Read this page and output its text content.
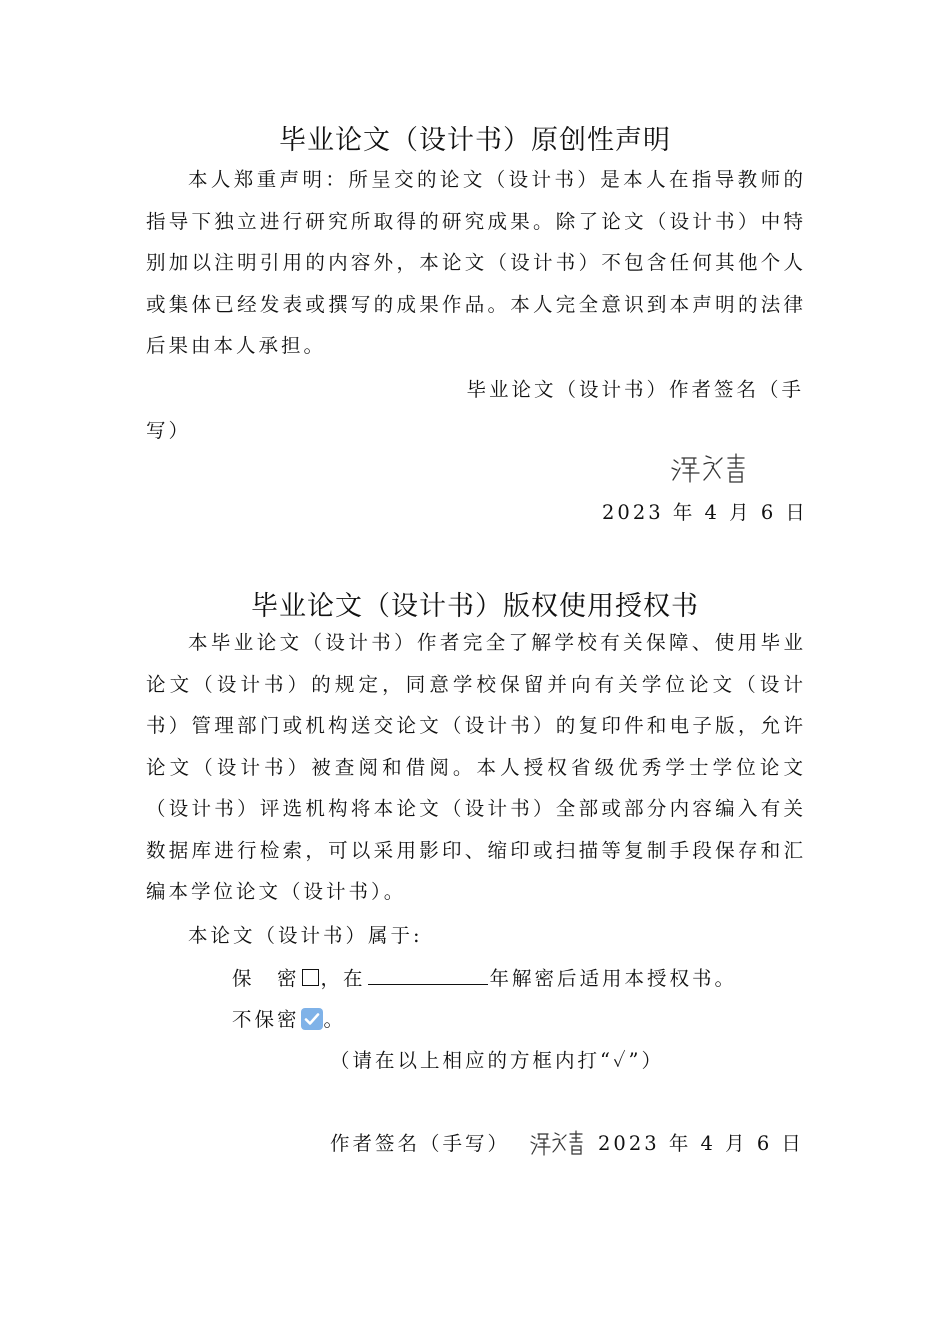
毕业论文（设计书）原创性声明

本人郑重声明：所呈交的论文（设计书）是本人在指导教师的指导下独立进行研究所取得的研究成果。除了论文（设计书）中特别加以注明引用的内容外，本论文（设计书）不包含任何其他个人或集体已经发表或撰写的成果作品。本人完全意识到本声明的法律后果由本人承担。

毕业论文（设计书）作者签名（手
写）
2023 年 4 月 6 日
毕业论文（设计书）版权使用授权书

本毕业论文（设计书）作者完全了解学校有关保障、使用毕业论文（设计书）的规定，同意学校保留并向有关学位论文（设计书）管理部门或机构送交论文（设计书）的复印件和电子版，允许论文（设计书）被查阅和借阅。本人授权省级优秀学士学位论文（设计书）评选机构将本论文（设计书）全部或部分内容编入有关数据库进行检索，可以采用影印、缩印或扫描等复制手段保存和汇编本学位论文（设计书）。

本论文（设计书）属于:
保　密 ，在	年解密后适用本授权书。
不保密 。
（请在以上相应的方框内打“✓”）
作者签名（手写）	2023 年 4 月 6 日
